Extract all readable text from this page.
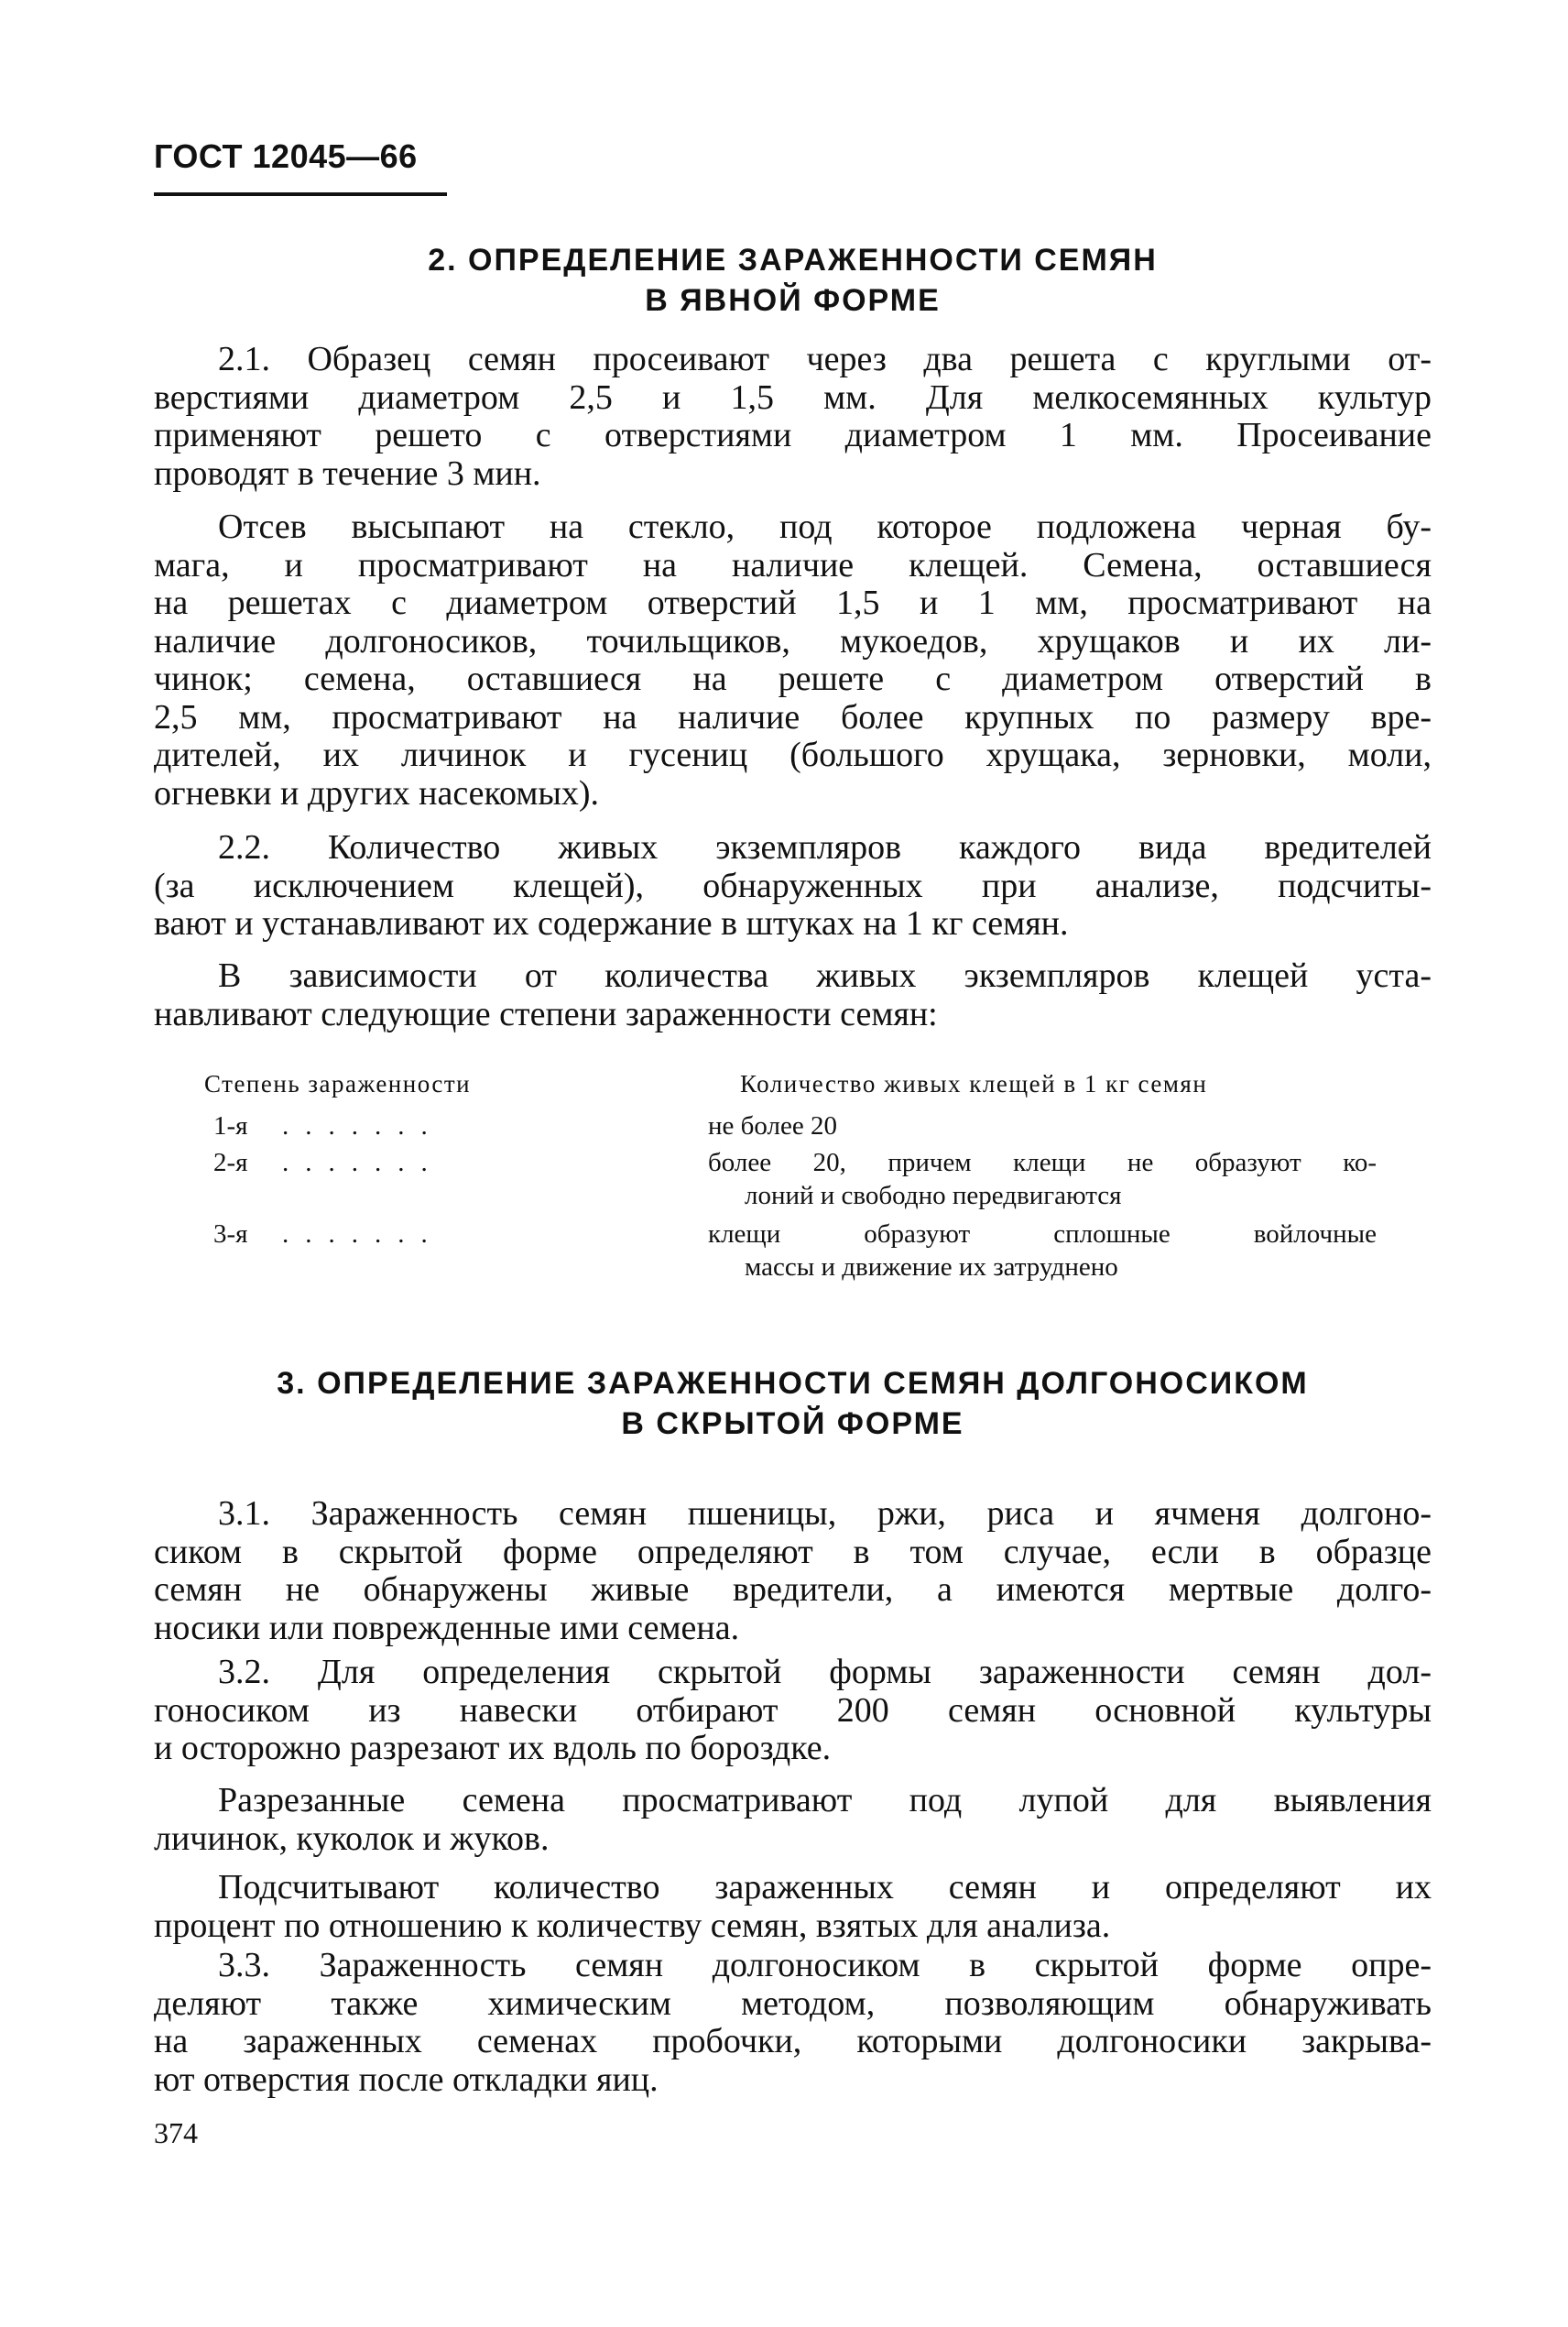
ГОСТ 12045—66
2. ОПРЕДЕЛЕНИЕ ЗАРАЖЕННОСТИ СЕМЯН
В ЯВНОЙ ФОРМЕ
2.1. Образец семян просеивают через два решета с круглыми от-
верстиями диаметром 2,5 и 1,5 мм. Для мелкосемянных культур
применяют решето с отверстиями диаметром 1 мм. Просеивание
проводят в течение 3 мин.
Отсев высыпают на стекло, под которое подложена черная бу-
мага, и просматривают на наличие клещей. Семена, оставшиеся
на решетах с диаметром отверстий 1,5 и 1 мм, просматривают на
наличие долгоносиков, точильщиков, мукоедов, хрущаков и их ли-
чинок; семена, оставшиеся на решете с диаметром отверстий в
2,5 мм, просматривают на наличие более крупных по размеру вре-
дителей, их личинок и гусениц (большого хрущака, зерновки, моли,
огневки и других насекомых).
2.2. Количество живых экземпляров каждого вида вредителей
(за исключением клещей), обнаруженных при анализе, подсчиты-
вают и устанавливают их содержание в штуках на 1 кг семян.
В зависимости от количества живых экземпляров клещей уста-
навливают следующие степени зараженности семян:
Степень зараженности	Количество живых клещей в 1 кг семян
1-я .......	не более 20
2-я .......	более 20, причем клещи не образуют ко-
лоний и свободно передвигаются
3-я .......	клещи образуют сплошные войлочные
массы и движение их затруднено
3. ОПРЕДЕЛЕНИЕ ЗАРАЖЕННОСТИ СЕМЯН ДОЛГОНОСИКОМ
В СКРЫТОЙ ФОРМЕ
3.1. Зараженность семян пшеницы, ржи, риса и ячменя долгоно-
сиком в скрытой форме определяют в том случае, если в образце
семян не обнаружены живые вредители, а имеются мертвые долго-
носики или поврежденные ими семена.
3.2. Для определения скрытой формы зараженности семян дол-
гоносиком из навески отбирают 200 семян основной культуры
и осторожно разрезают их вдоль по бороздке.
Разрезанные семена просматривают под лупой для выявления
личинок, куколок и жуков.
Подсчитывают количество зараженных семян и определяют их
процент по отношению к количеству семян, взятых для анализа.
3.3. Зараженность семян долгоносиком в скрытой форме опре-
деляют также химическим методом, позволяющим обнаруживать
на зараженных семенах пробочки, которыми долгоносики закрыва-
ют отверстия после откладки яиц.
374
